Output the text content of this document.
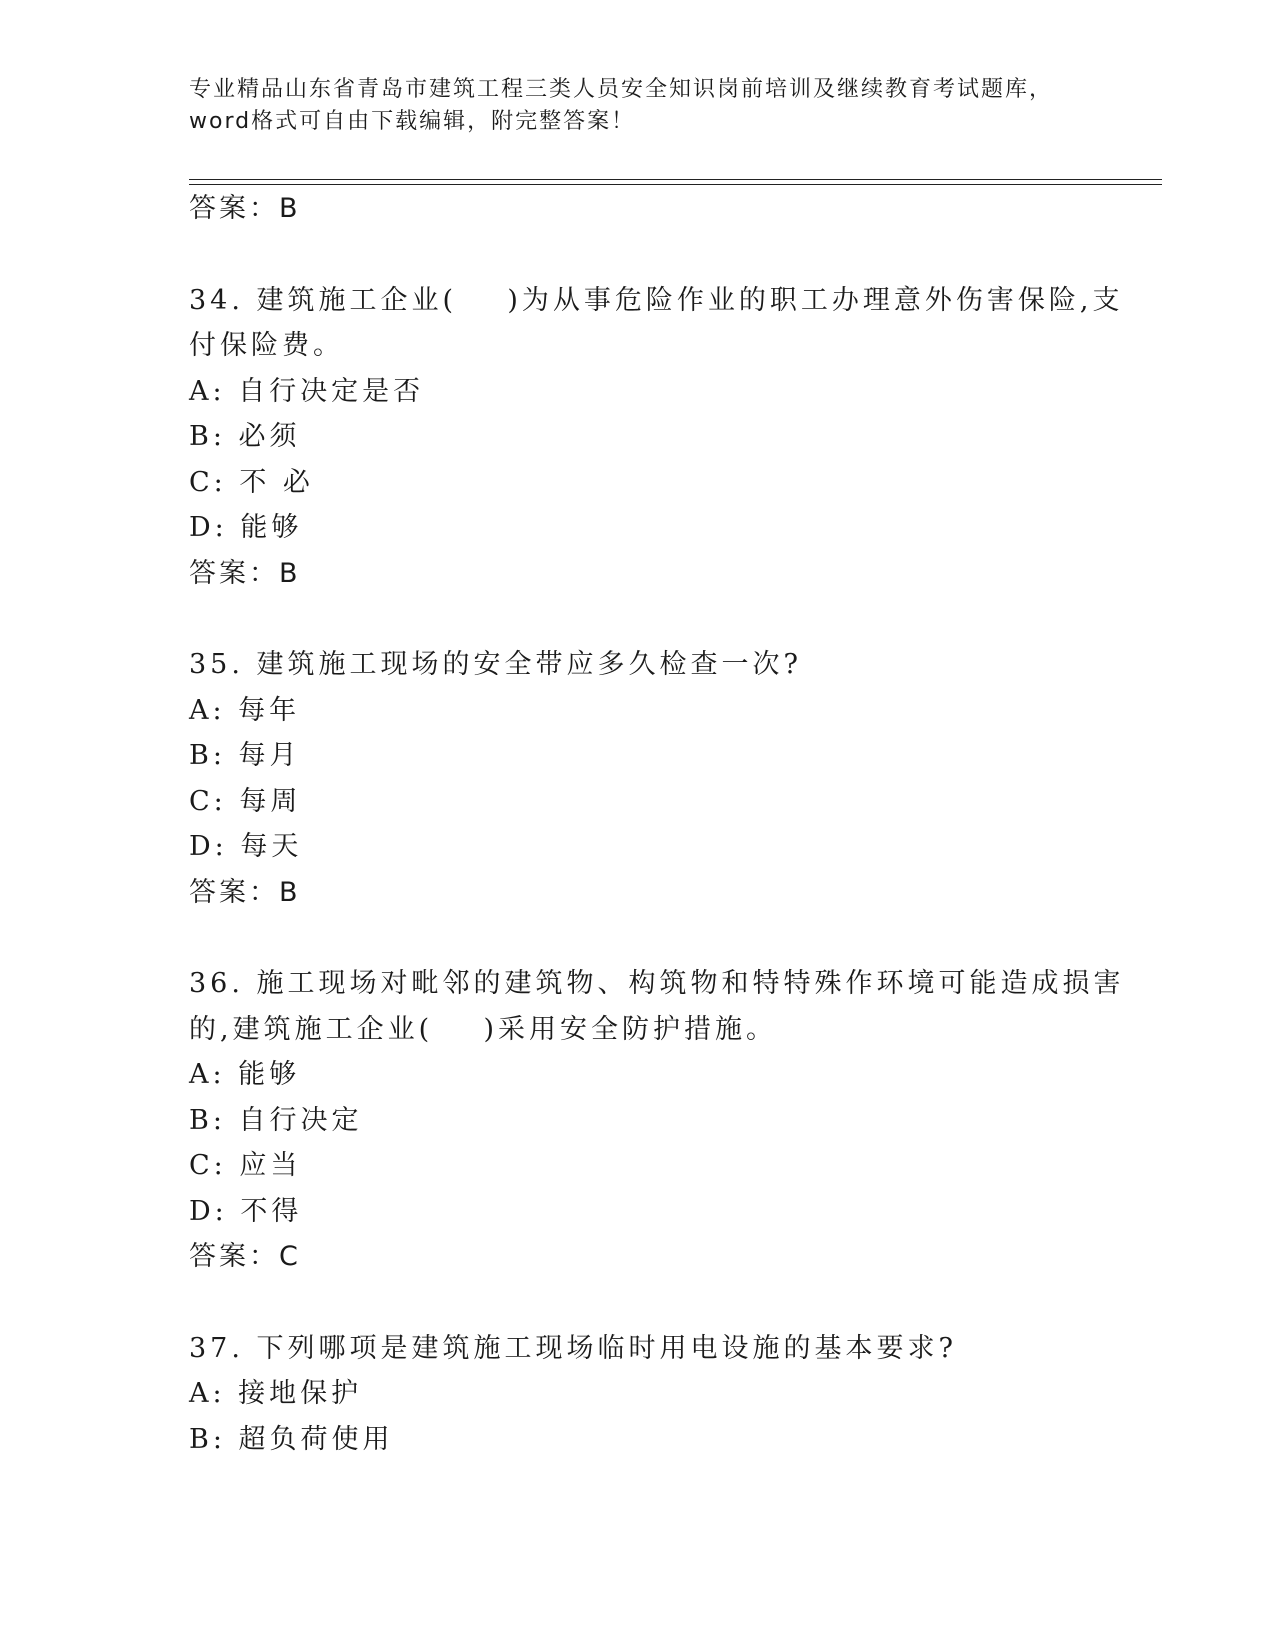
专业精品山东省青岛市建筑工程三类人员安全知识岗前培训及继续教育考试题库，
word格式可自由下载编辑，附完整答案！
答案：B
34. 建筑施工企业(    )为从事危险作业的职工办理意外伤害保险,支
付保险费。
A: 自行决定是否
B: 必须
C: 不 必
D: 能够
答案：B
35. 建筑施工现场的安全带应多久检查一次?
A: 每年
B: 每月
C: 每周
D: 每天
答案：B
36. 施工现场对毗邻的建筑物、构筑物和特特殊作环境可能造成损害
的,建筑施工企业(    )采用安全防护措施。
A: 能够
B: 自行决定
C: 应当
D: 不得
答案：C
37. 下列哪项是建筑施工现场临时用电设施的基本要求?
A: 接地保护
B: 超负荷使用
